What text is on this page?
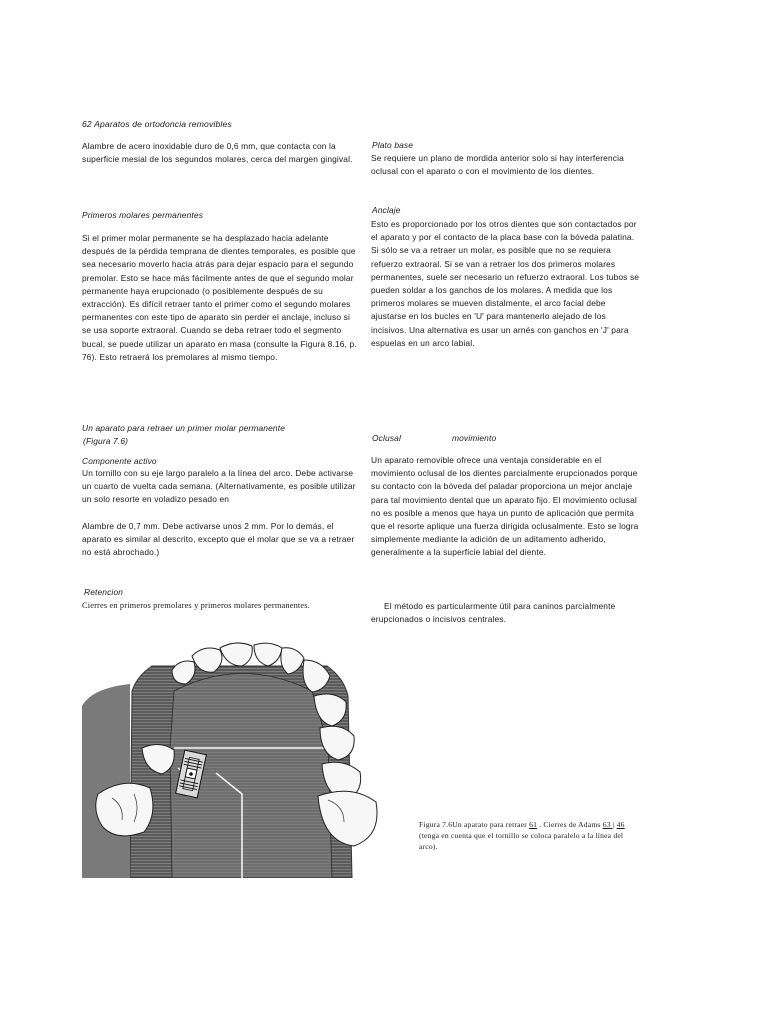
62 Aparatos de ortodoncia removibles

Alambre de acero inoxidable duro de 0,6 mm, que contacta con la superficie mesial de los segundos molares, cerca del margen gingival.

Primeros molares permanentes

Si el primer molar permanente se ha desplazado hacia adelante después de la pérdida temprana de dientes temporales, es posible que sea necesario moverlo hacia atrás para dejar espacio para el segundo premolar. Esto se hace más fácilmente antes de que el segundo molar permanente haya erupcionado (o posiblemente después de su extracción). Es difícil retraer tanto el primer como el segundo molares permanentes con este tipo de aparato sin perder el anclaje, incluso si se usa soporte extraoral. Cuando se deba retraer todo el segmento bucal, se puede utilizar un aparato en masa (consulte la Figura 8.16, p. 76). Esto retraerá los premolares al mismo tiempo.

Un aparato para retraer un primer molar permanente
(Figura 7.6)
Componente activo

Un tornillo con su eje largo paralelo a la línea del arco. Debe activarse un cuarto de vuelta cada semana. (Alternativamente, es posible utilizar un solo resorte en voladizo pesado en

Alambre de 0,7 mm. Debe activarse unos 2 mm. Por lo demás, el aparato es similar al descrito, excepto que el molar que se va a retraer no está abrochado.)

Retencion

Cierres en primeros premolares y primeros molares permanentes.

Plato base

Se requiere un plano de mordida anterior solo si hay interferencia oclusal con el aparato o con el movimiento de los dientes.

Anclaje

Esto es proporcionado por los otros dientes que son contactados por el aparato y por el contacto de la placa base con la bóveda palatina. Si sólo se va a retraer un molar, es posible que no se requiera refuerzo extraoral. Si se van a retraer los dos primeros molares permanentes, suele ser necesario un refuerzo extraoral. Los tubos se pueden soldar a los ganchos de los molares. A medida que los primeros molares se mueven distalmente, el arco facial debe ajustarse en los bucles en 'U' para mantenerlo alejado de los incisivos. Una alternativa es usar un arnés con ganchos en 'J' para espuelas en un arco labial.

Oclusal	movimiento

Un aparato removible ofrece una ventaja considerable en el movimiento oclusal de los dientes parcialmente erupcionados porque su contacto con la bóveda del paladar proporciona un mejor anclaje para tal movimiento dental que un aparato fijo. El movimiento oclusal no es posible a menos que haya un punto de aplicación que permita que el resorte aplique una fuerza dirigida oclusalmente. Esto se logra simplemente mediante la adición de un aditamento adherido, generalmente a la superficie labial del diente.

El método es particularmente útil para caninos parcialmente erupcionados o incisivos centrales.

Figura 7.6Un aparato para retraer 61 . Cierres de Adams 63 | 46 (tenga en cuenta que el tornillo se coloca paralelo a la línea del arco).
